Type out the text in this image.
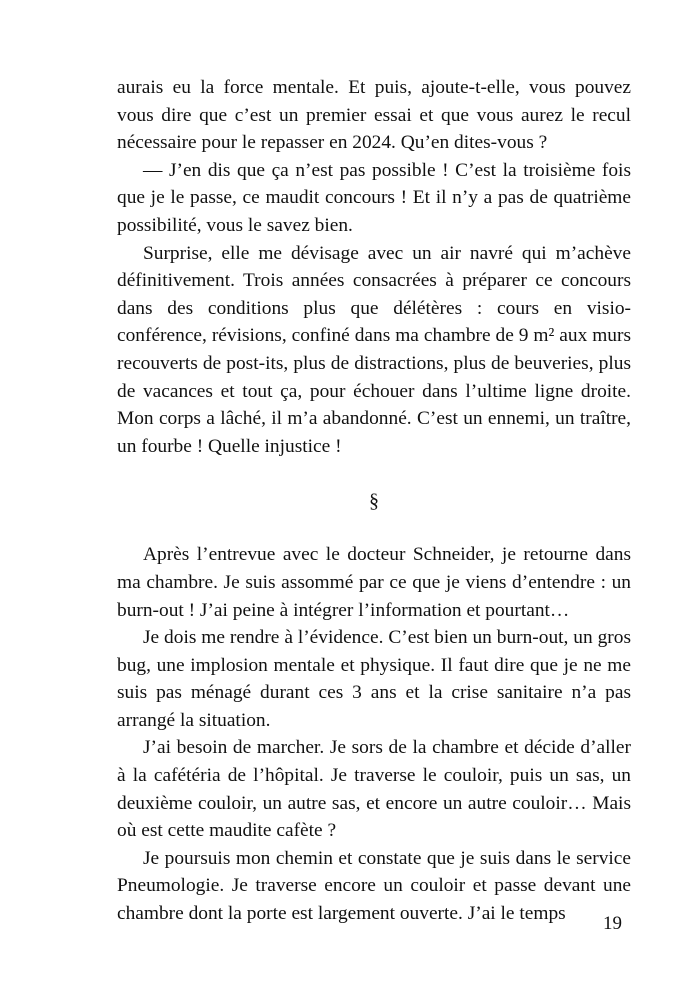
aurais eu la force mentale. Et puis, ajoute-t-elle, vous pouvez vous dire que c’est un premier essai et que vous aurez le recul nécessaire pour le repasser en 2024. Qu’en dites-vous ?

— J’en dis que ça n’est pas possible ! C’est la troisième fois que je le passe, ce maudit concours ! Et il n’y a pas de quatrième possibilité, vous le savez bien.

Surprise, elle me dévisage avec un air navré qui m’achève définitivement. Trois années consacrées à préparer ce concours dans des conditions plus que délétères : cours en visio-conférence, révisions, confiné dans ma chambre de 9 m² aux murs recouverts de post-its, plus de distractions, plus de beuveries, plus de vacances et tout ça, pour échouer dans l’ultime ligne droite. Mon corps a lâché, il m’a abandonné. C’est un ennemi, un traître, un fourbe ! Quelle injustice !

§

Après l’entrevue avec le docteur Schneider, je retourne dans ma chambre. Je suis assommé par ce que je viens d’entendre : un burn-out ! J’ai peine à intégrer l’information et pourtant…

Je dois me rendre à l’évidence. C’est bien un burn-out, un gros bug, une implosion mentale et physique. Il faut dire que je ne me suis pas ménagé durant ces 3 ans et la crise sanitaire n’a pas arrangé la situation.

J’ai besoin de marcher. Je sors de la chambre et décide d’aller à la cafétéria de l’hôpital. Je traverse le couloir, puis un sas, un deuxième couloir, un autre sas, et encore un autre couloir… Mais où est cette maudite cafète ?

Je poursuis mon chemin et constate que je suis dans le service Pneumologie. Je traverse encore un couloir et passe devant une chambre dont la porte est largement ouverte. J’ai le temps	19
